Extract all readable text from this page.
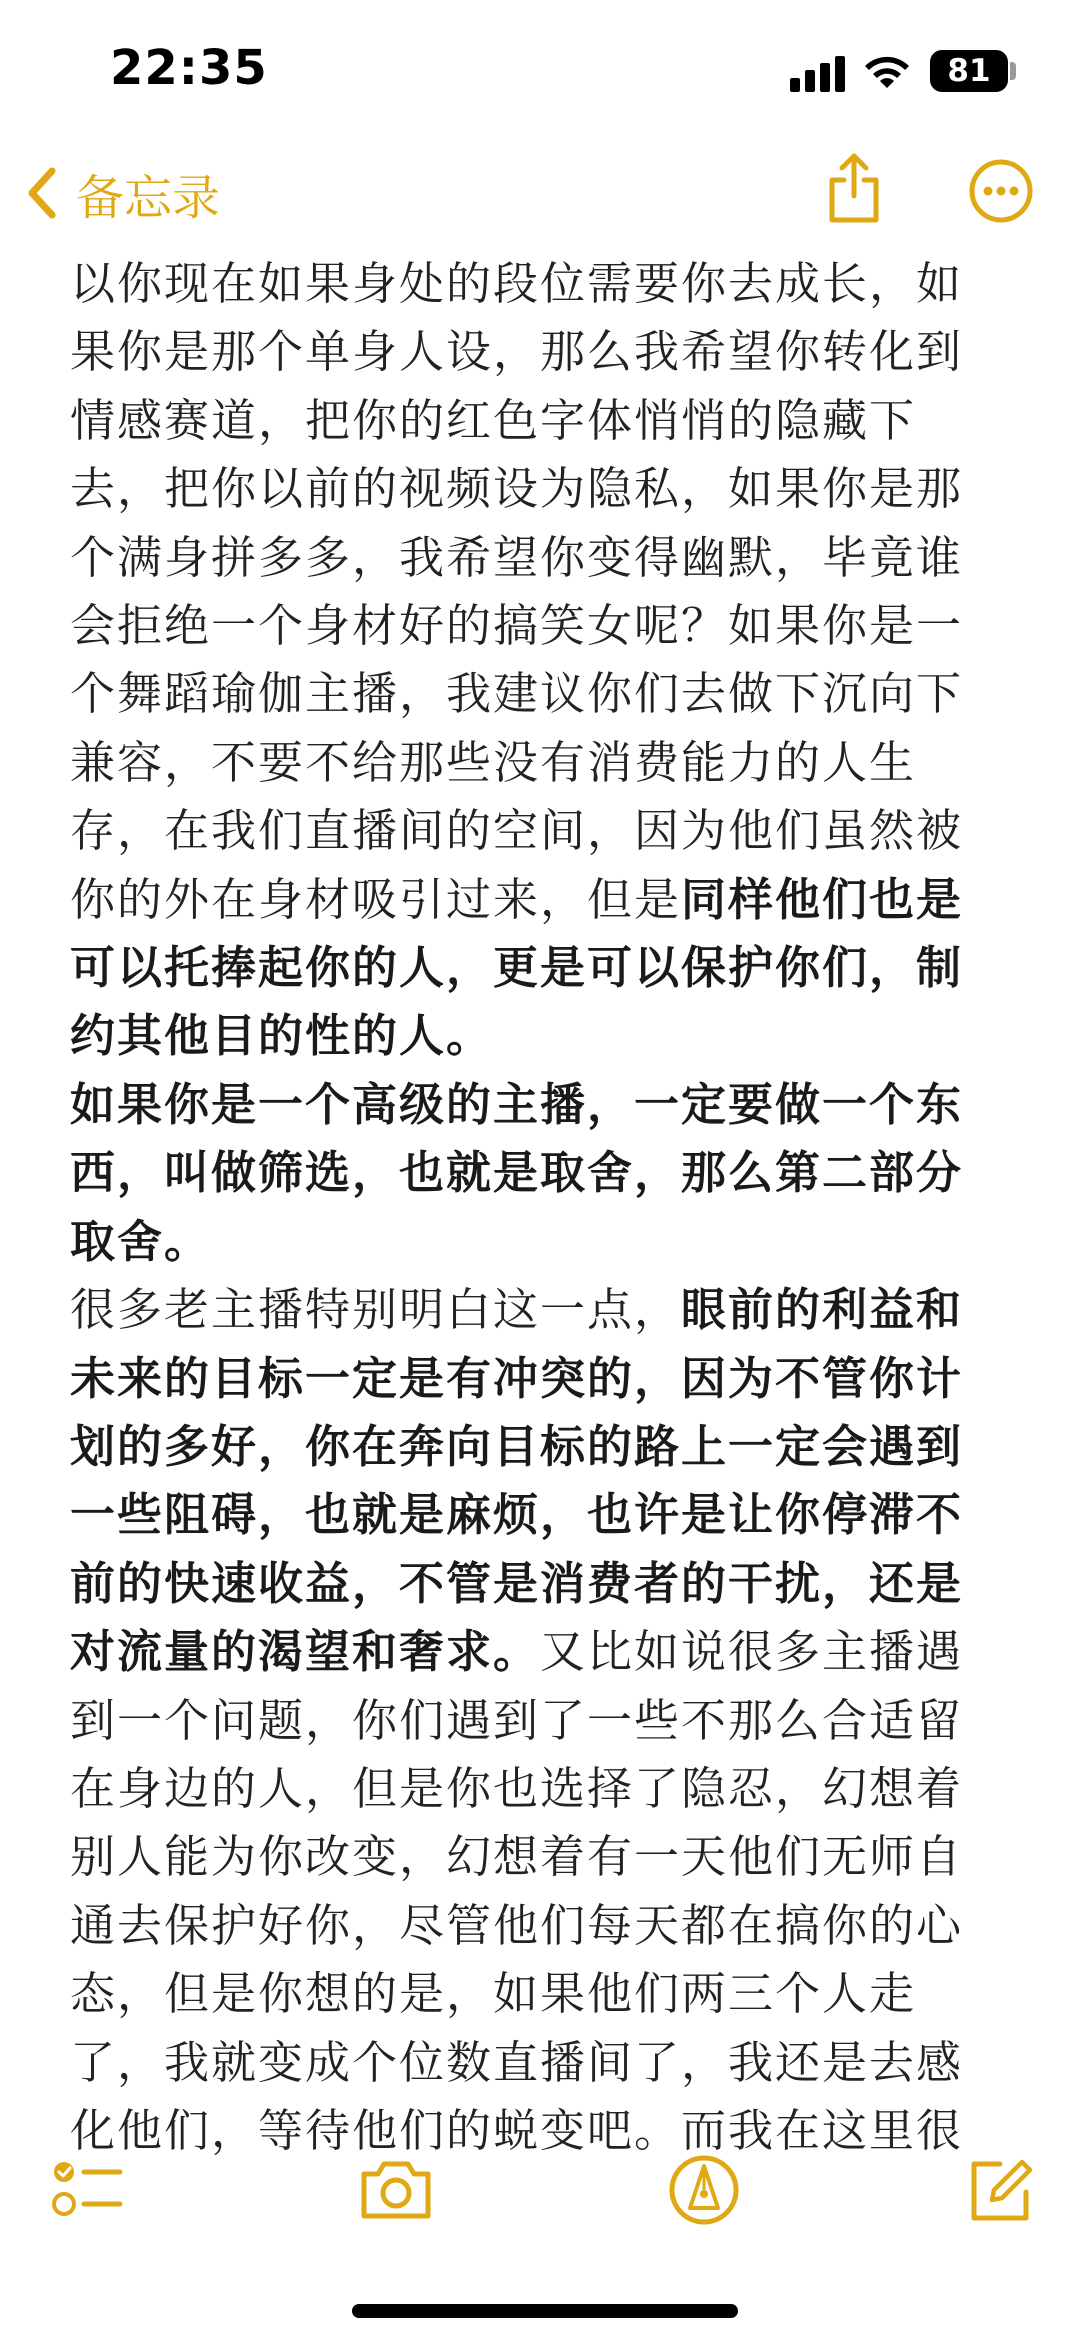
22:35	81
备忘录

以你现在如果身处的段位需要你去成长，如果你是那个单身人设，那么我希望你转化到情感赛道，把你的红色字体悄悄的隐藏下去，把你以前的视频设为隐私，如果你是那个满身拼多多，我希望你变得幽默，毕竟谁会拒绝一个身材好的搞笑女呢？如果你是一个舞蹈瑜伽主播，我建议你们去做下沉向下兼容，不要不给那些没有消费能力的人生存，在我们直播间的空间，因为他们虽然被你的外在身材吸引过来，但是同样他们也是可以托捧起你的人，更是可以保护你们，制约其他目的性的人。

如果你是一个高级的主播，一定要做一个东西，叫做筛选，也就是取舍，那么第二部分取舍。

很多老主播特别明白这一点，眼前的利益和未来的目标一定是有冲突的，因为不管你计划的多好，你在奔向目标的路上一定会遇到一些阻碍，也就是麻烦，也许是让你停滞不前的快速收益，不管是消费者的干扰，还是对流量的渴望和奢求。又比如说很多主播遇到一个问题，你们遇到了一些不那么合适留在身边的人，但是你也选择了隐忍，幻想着别人能为你改变，幻想着有一天他们无师自通去保护好你，尽管他们每天都在搞你的心态，但是你想的是，如果他们两三个人走了，我就变成个位数直播间了，我还是去感化他们，等待他们的蜕变吧。而我在这里很
